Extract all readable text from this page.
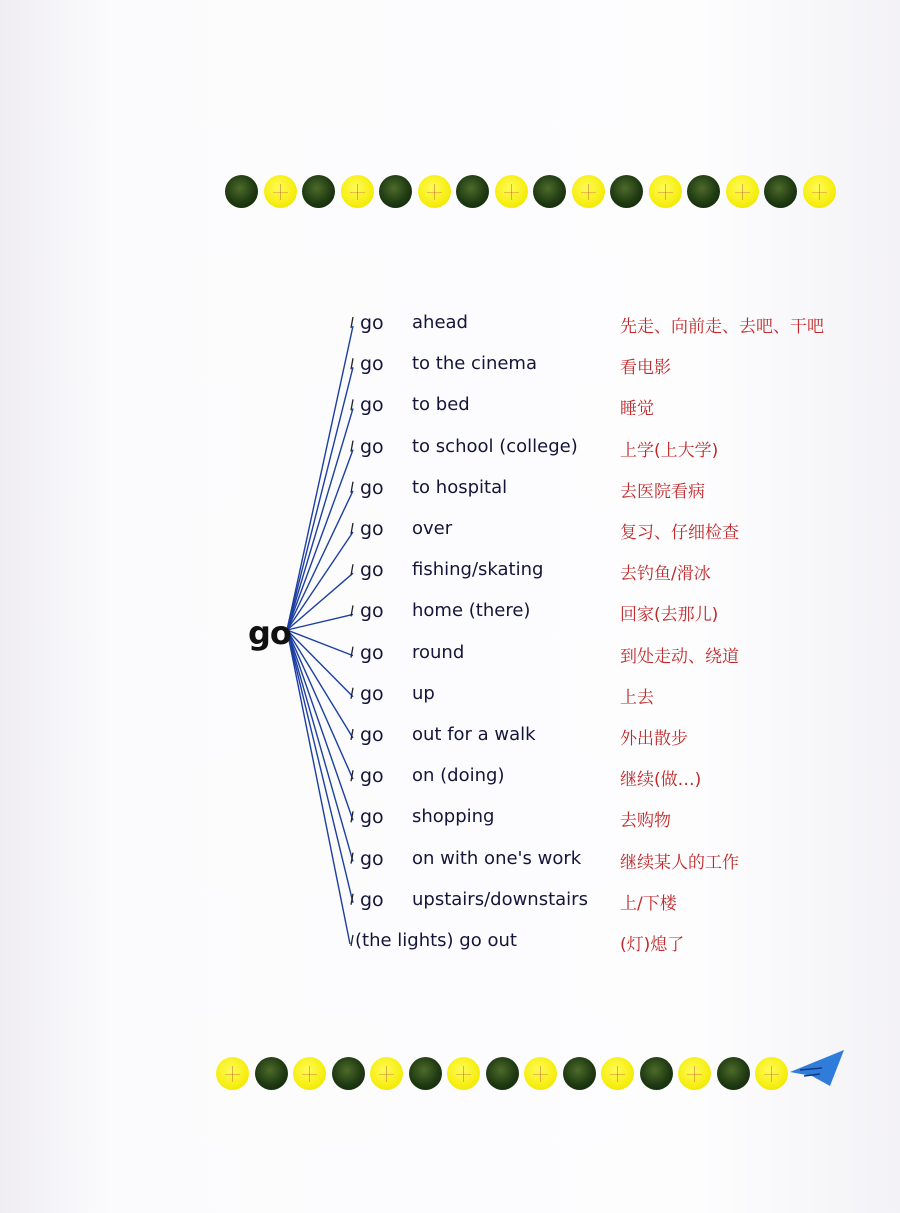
go
go ahead	先走、向前走、去吧、干吧
go to the cinema	看电影
go to bed	睡觉
go to school (college) 上学(上大学)
go to hospital	去医院看病
go over	复习、仔细检查
go fishing/skating	去钓鱼/滑冰
go home (there)	回家(去那儿)
go round	到处走动、绕道
go up	上去
go out for a walk	外出散步
go on (doing)	继续(做…)
go shopping	去购物
go on with one's work 继续某人的工作
go upstairs/downstairs 上/下楼
(the lights) go out	(灯)熄了
